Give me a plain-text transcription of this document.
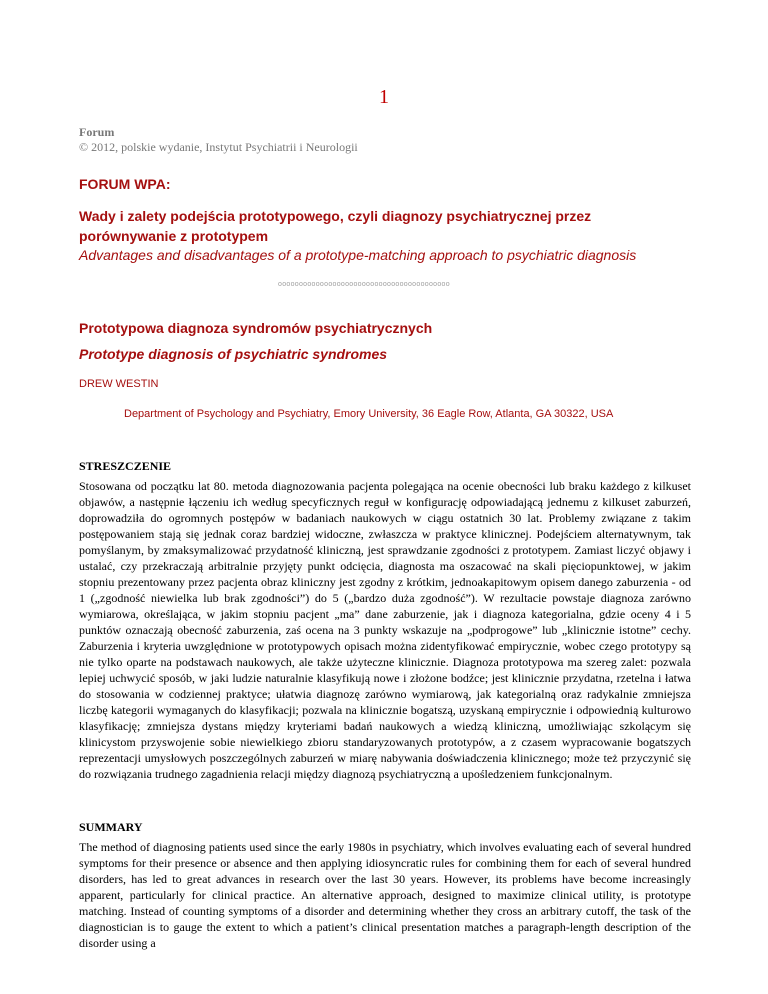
1
Forum
© 2012, polskie wydanie, Instytut Psychiatrii i Neurologii
FORUM WPA:
Wady i zalety podejścia prototypowego, czyli diagnozy psychiatrycznej przez porównywanie z prototypem
Advantages and disadvantages of a prototype-matching approach to psychiatric diagnosis
ooooooooooooooooooooooooooooooooooooooooo
Prototypowa diagnoza syndromów psychiatrycznych
Prototype diagnosis of psychiatric syndromes
DREW WESTIN
Department of Psychology and Psychiatry, Emory University, 36 Eagle Row, Atlanta, GA 30322, USA
STRESZCZENIE

Stosowana od początku lat 80. metoda diagnozowania pacjenta polegająca na ocenie obecności lub braku każdego z kilkuset objawów, a następnie łączeniu ich według specyficznych reguł w konfigurację odpowiadającą jednemu z kilkuset zaburzeń, doprowadziła do ogromnych postępów w badaniach naukowych w ciągu ostatnich 30 lat. Problemy związane z takim postępowaniem stają się jednak coraz bardziej widoczne, zwłaszcza w praktyce klinicznej. Podejściem alternatywnym, tak pomyślanym, by zmaksymalizować przydatność kliniczną, jest sprawdzanie zgodności z prototypem. Zamiast liczyć objawy i ustalać, czy przekraczają arbitralnie przyjęty punkt odcięcia, diagnosta ma oszacować na skali pięciopunktowej, w jakim stopniu prezentowany przez pacjenta obraz kliniczny jest zgodny z krótkim, jednoakapitowym opisem danego zaburzenia - od 1 („zgodność niewielka lub brak zgodności”) do 5 („bardzo duża zgodność”). W rezultacie powstaje diagnoza zarówno wymiarowa, określająca, w jakim stopniu pacjent „ma” dane zaburzenie, jak i diagnoza kategorialna, gdzie oceny 4 i 5 punktów oznaczają obecność zaburzenia, zaś ocena na 3 punkty wskazuje na „podprogowe” lub „klinicznie istotne” cechy. Zaburzenia i kryteria uwzględnione w prototypowych opisach można zidentyfikować empirycznie, wobec czego prototypy są nie tylko oparte na podstawach naukowych, ale także użyteczne klinicznie. Diagnoza prototypowa ma szereg zalet: pozwala lepiej uchwycić sposób, w jaki ludzie naturalnie klasyfikują nowe i złożone bodźce; jest klinicznie przydatna, rzetelna i łatwa do stosowania w codziennej praktyce; ułatwia diagnozę zarówno wymiarową, jak kategorialną oraz radykalnie zmniejsza liczbę kategorii wymaganych do klasyfikacji; pozwala na klinicznie bogatszą, uzyskaną empirycznie i odpowiednią kulturowo klasyfikację; zmniejsza dystans między kryteriami badań naukowych a wiedzą kliniczną, umożliwiając szkolącym się klinicystom przyswojenie sobie niewielkiego zbioru standaryzowanych prototypów, a z czasem wypracowanie bogatszych reprezentacji umysłowych poszczególnych zaburzeń w miarę nabywania doświadczenia klinicznego; może też przyczynić się do rozwiązania trudnego zagadnienia relacji między diagnozą psychiatryczną a upośledzeniem funkcjonalnym.

SUMMARY

The method of diagnosing patients used since the early 1980s in psychiatry, which involves evaluating each of several hundred symptoms for their presence or absence and then applying idiosyncratic rules for combining them for each of several hundred disorders, has led to great advances in research over the last 30 years. However, its problems have become increasingly apparent, particularly for clinical practice. An alternative approach, designed to maximize clinical utility, is prototype matching. Instead of counting symptoms of a disorder and determining whether they cross an arbitrary cutoff, the task of the diagnostician is to gauge the extent to which a patient’s clinical presentation matches a paragraph-length description of the disorder using a
